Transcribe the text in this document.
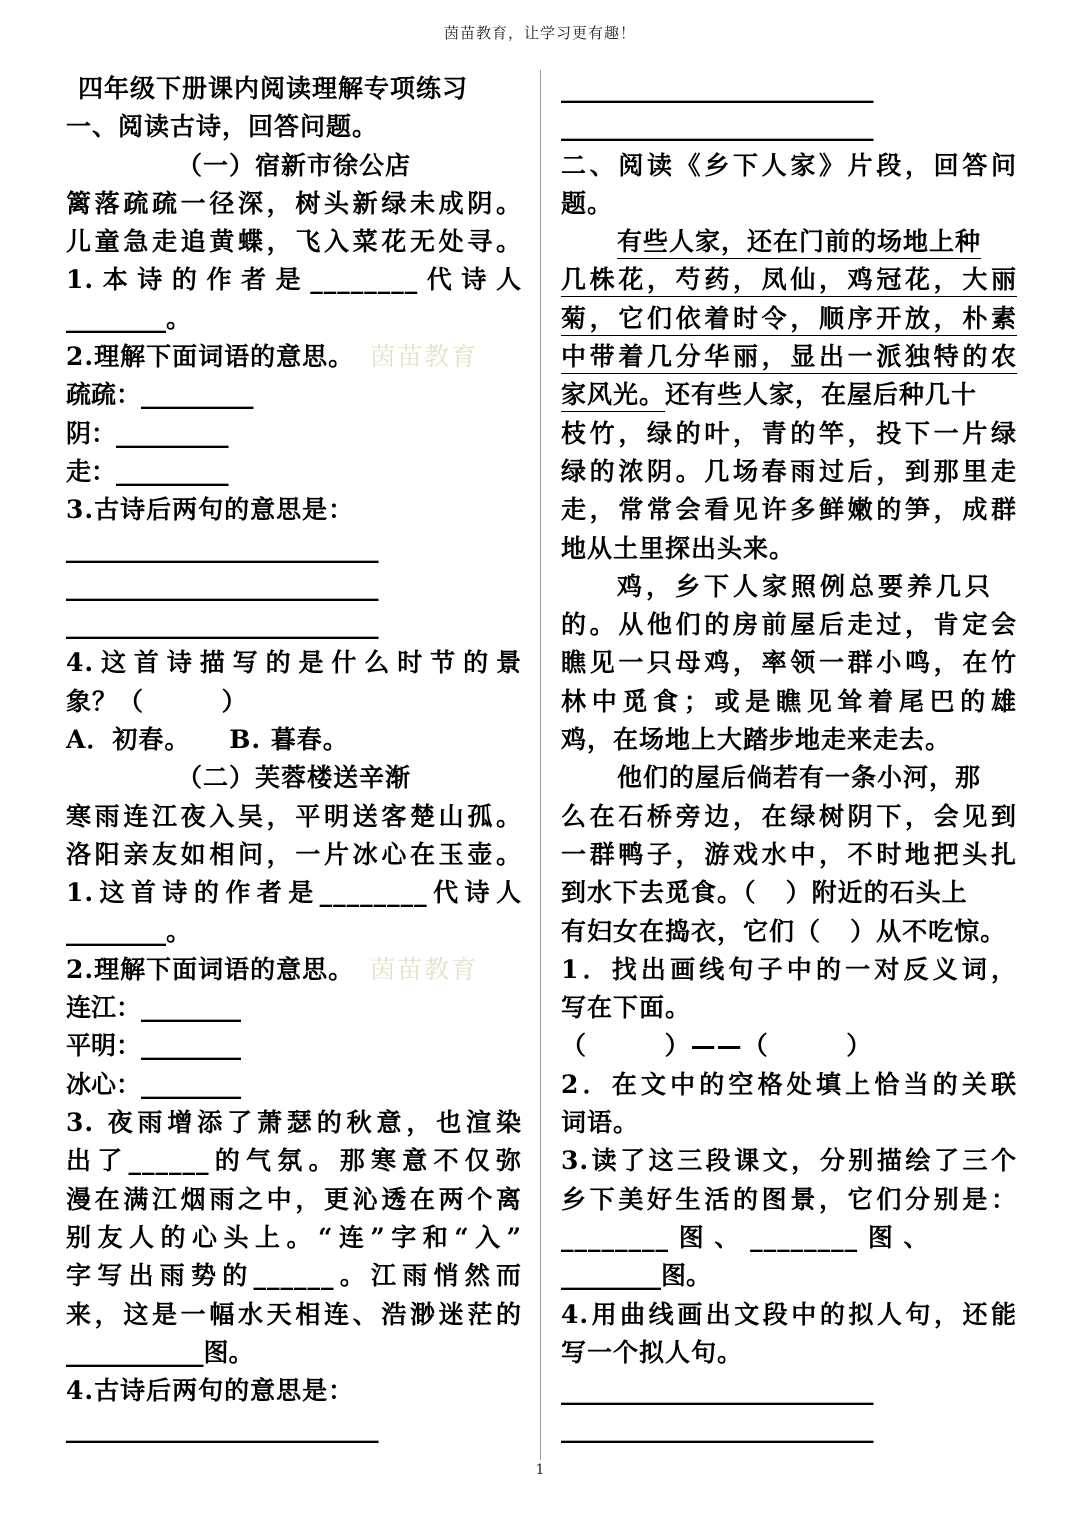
茵苗教育，让学习更有趣！
四年级下册课内阅读理解专项练习
一、阅读古诗，回答问题。
（一）宿新市徐公店
篱落疏疏一径深，树头新绿未成阴。
儿童急走追黄蝶，飞入菜花无处寻。
1.本诗的作者是________代诗人
________。
2.理解下面词语的意思。 茵苗教育
疏疏：_________
阴：_________
走：_________
3.古诗后两句的意思是：
_________________________
_________________________
_________________________
4.这首诗描写的是什么时节的景
象？（        ）
A．初春。    B. 暮春。
（二）芙蓉楼送辛渐
寒雨连江夜入吴，平明送客楚山孤。
洛阳亲友如相问，一片冰心在玉壶。
1.这首诗的作者是________代诗人
________。
2.理解下面词语的意思。 茵苗教育
连江：________
平明：________
冰心：________
3. 夜雨增添了萧瑟的秋意，也渲染
出了______的气氛。那寒意不仅弥
漫在满江烟雨之中，更沁透在两个离
别友人的心头上。“连”字和“入”
字写出雨势的______。江雨悄然而
来，这是一幅水天相连、浩渺迷茫的
___________图。
4.古诗后两句的意思是：
_________________________
_________________________
_________________________
二、阅读《乡下人家》片段，回答问
题。
有些人家，还在门前的场地上种
几株花，芍药，凤仙，鸡冠花，大丽
菊，它们依着时令，顺序开放，朴素
中带着几分华丽，显出一派独特的农
家风光。还有些人家，在屋后种几十
枝竹，绿的叶，青的竿，投下一片绿
绿的浓阴。几场春雨过后，到那里走
走，常常会看见许多鲜嫩的笋，成群
地从土里探出头来。
鸡，乡下人家照例总要养几只
的。从他们的房前屋后走过，肯定会
瞧见一只母鸡，率领一群小鸣，在竹
林中觅食；或是瞧见耸着尾巴的雄
鸡，在场地上大踏步地走来走去。
他们的屋后倘若有一条小河，那
么在石桥旁边，在绿树阴下，会见到
一群鸭子，游戏水中，不时地把头扎
到水下去觅食。（   ）附近的石头上
有妇女在捣衣，它们（   ）从不吃惊。
1．找出画线句子中的一对反义词，
写在下面。
（        ）——（        ）
2．在文中的空格处填上恰当的关联
词语。
3.读了这三段课文，分别描绘了三个
乡下美好生活的图景，它们分别是：
________ 图 、 ________ 图 、
________图。
4.用曲线画出文段中的拟人句，还能
写一个拟人句。
_________________________
_________________________
1
